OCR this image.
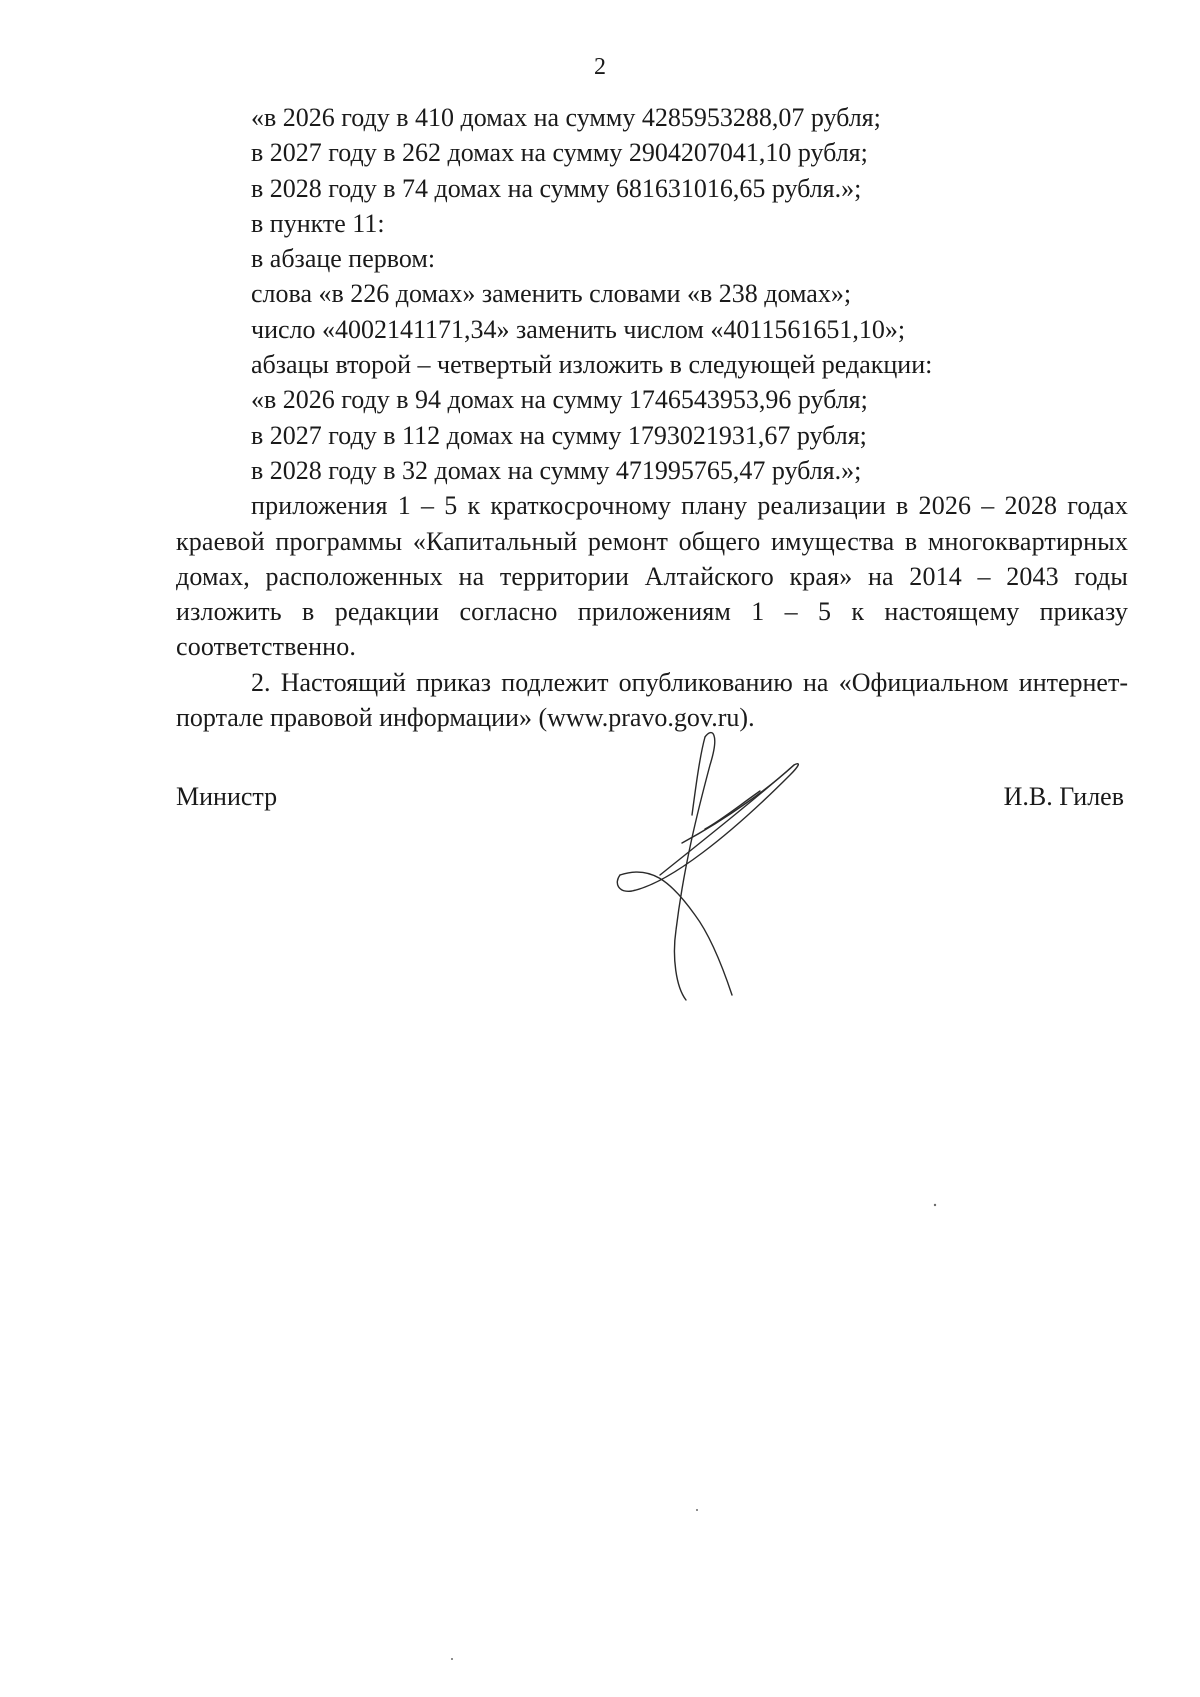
2
«в 2026 году в 410 домах на сумму 4285953288,07 рубля;
в 2027 году в 262 домах на сумму 2904207041,10 рубля;
в 2028 году в 74 домах на сумму 681631016,65 рубля.»;
в пункте 11:
в абзаце первом:
слова «в 226 домах» заменить словами «в 238 домах»;
число «4002141171,34» заменить числом «4011561651,10»;
абзацы второй – четвертый изложить в следующей редакции:
«в 2026 году в 94 домах на сумму 1746543953,96 рубля;
в 2027 году в 112 домах на сумму 1793021931,67 рубля;
в 2028 году в 32 домах на сумму 471995765,47 рубля.»;

приложения 1 – 5 к краткосрочному плану реализации в 2026 – 2028 годах краевой программы «Капитальный ремонт общего имущества в многоквартирных домах, расположенных на территории Алтайского края» на 2014 – 2043 годы изложить в редакции согласно приложениям 1 – 5 к настоящему приказу соответственно.

2. Настоящий приказ подлежит опубликованию на «Официальном интернет-портале правовой информации» (www.pravo.gov.ru).

Министр	И.В. Гилев
